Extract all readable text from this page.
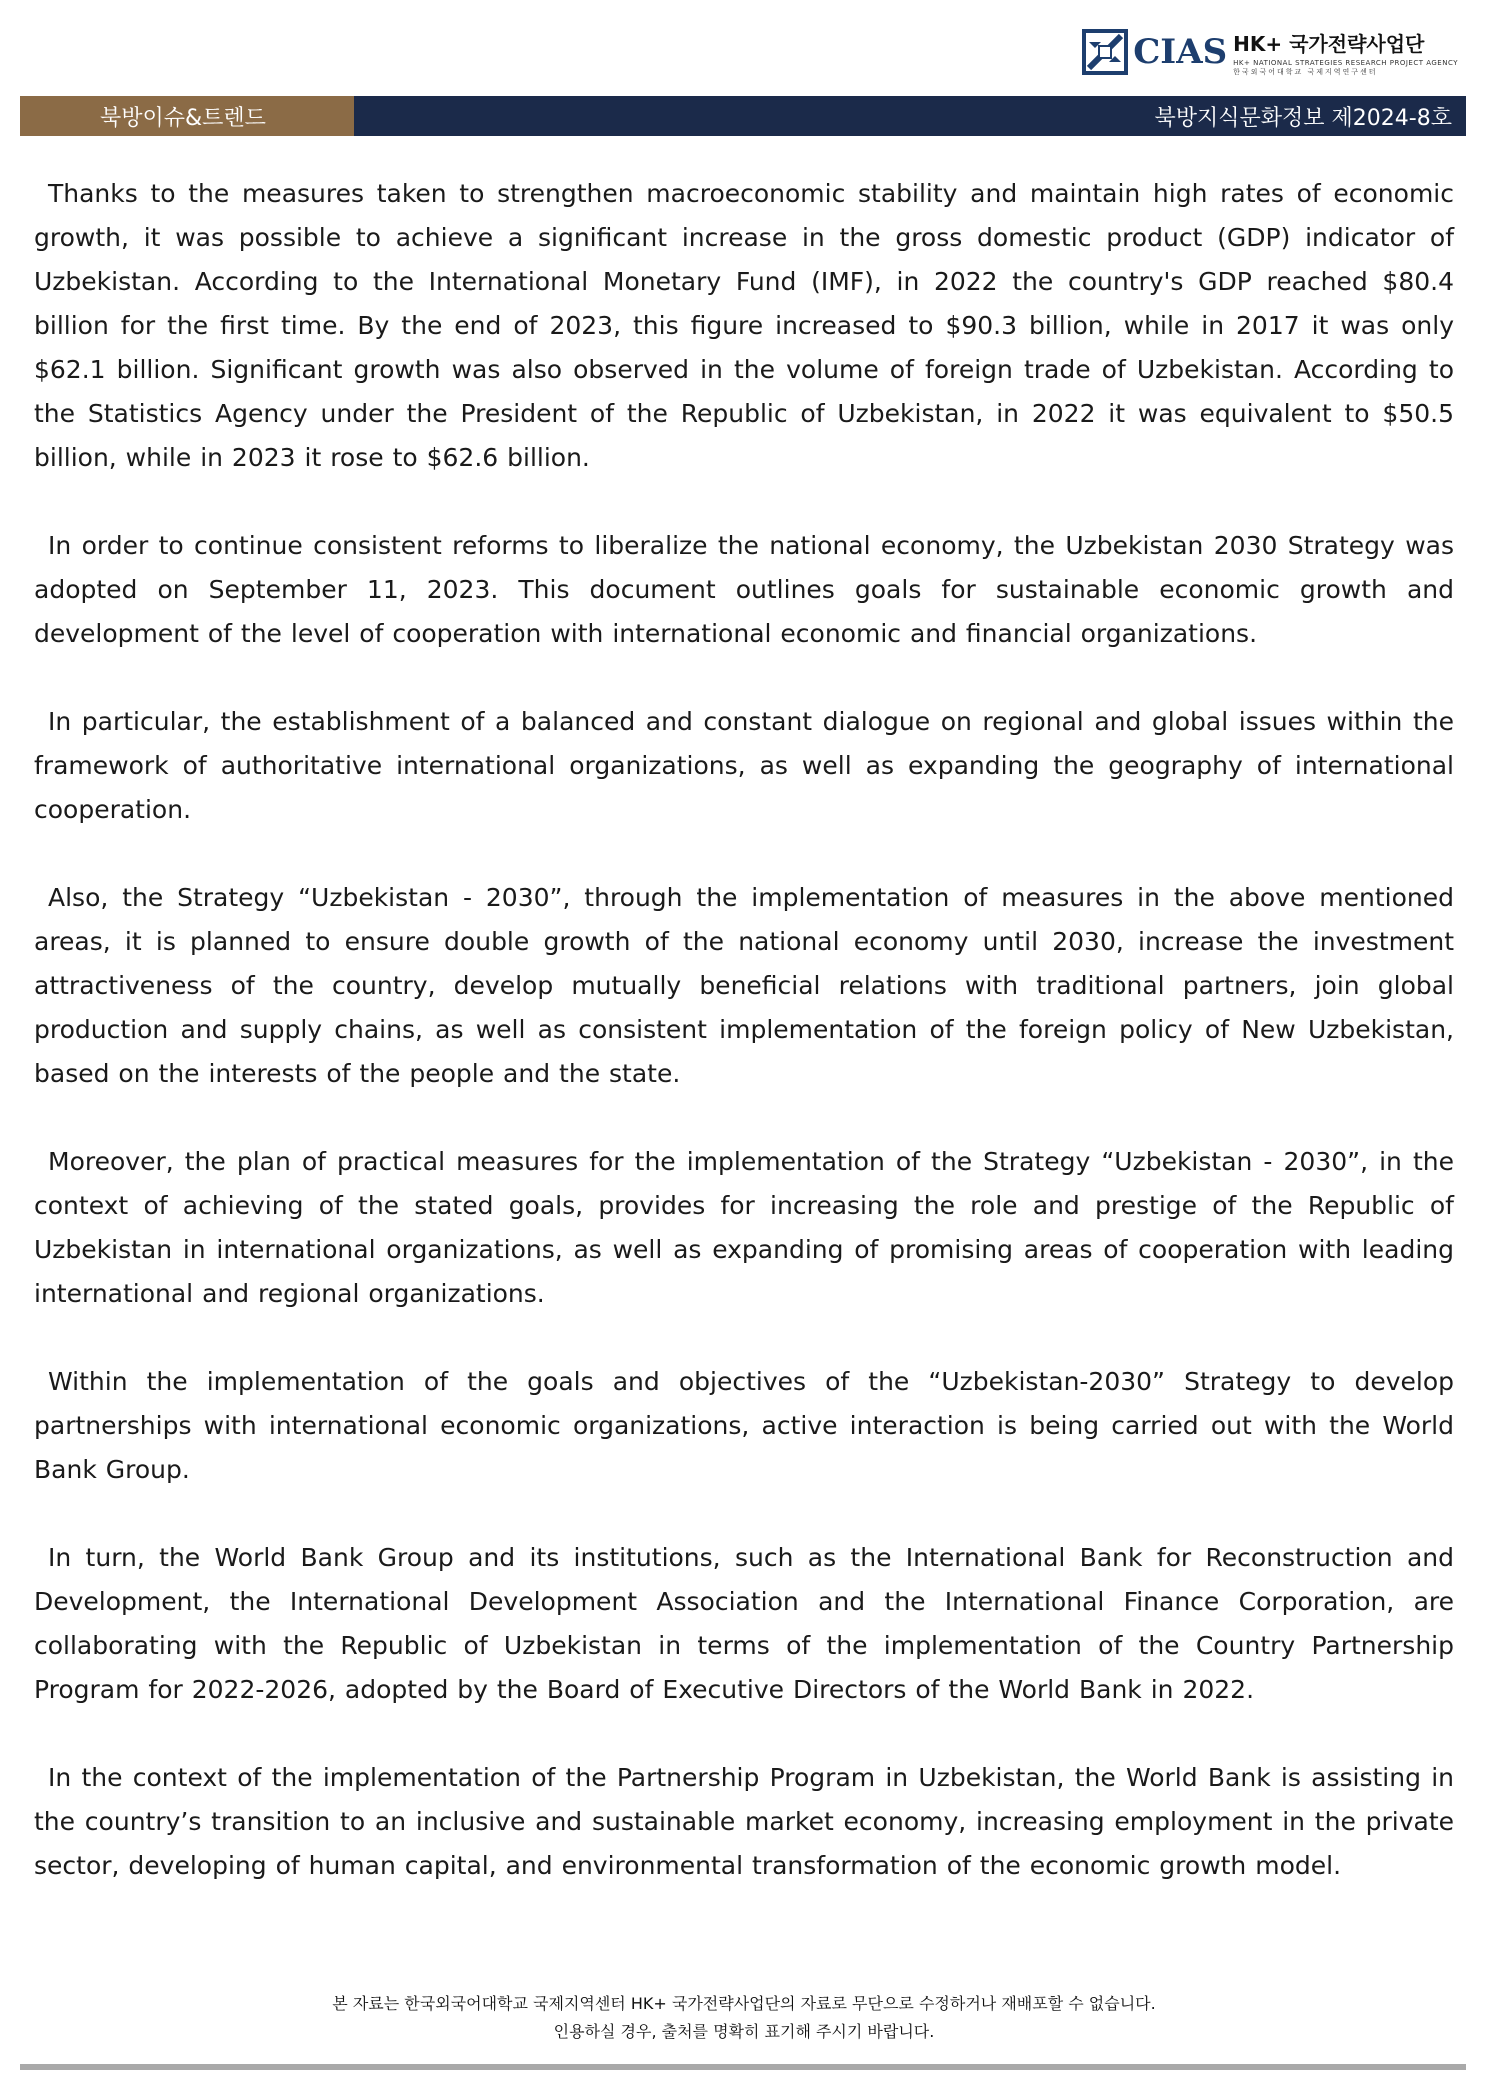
CIAS HK+ 국가전략사업단
HK+ NATIONAL STRATEGIES RESEARCH PROJECT AGENCY
한국외국어대학교 국제지역연구센터
북방이슈&트렌드	북방지식문화정보 제2024-8호

Thanks to the measures taken to strengthen macroeconomic stability and maintain high rates of economic growth, it was possible to achieve a significant increase in the gross domestic product (GDP) indicator of Uzbekistan. According to the International Monetary Fund (IMF), in 2022 the country's GDP reached $80.4 billion for the first time. By the end of 2023, this figure increased to $90.3 billion, while in 2017 it was only $62.1 billion. Significant growth was also observed in the volume of foreign trade of Uzbekistan. According to the Statistics Agency under the President of the Republic of Uzbekistan, in 2022 it was equivalent to $50.5 billion, while in 2023 it rose to $62.6 billion.

In order to continue consistent reforms to liberalize the national economy, the Uzbekistan 2030 Strategy was adopted on September 11, 2023. This document outlines goals for sustainable economic growth and development of the level of cooperation with international economic and financial organizations.

In particular, the establishment of a balanced and constant dialogue on regional and global issues within the framework of authoritative international organizations, as well as expanding the geography of international cooperation.

Also, the Strategy “Uzbekistan - 2030”, through the implementation of measures in the above mentioned areas, it is planned to ensure double growth of the national economy until 2030, increase the investment attractiveness of the country, develop mutually beneficial relations with traditional partners, join global production and supply chains, as well as consistent implementation of the foreign policy of New Uzbekistan, based on the interests of the people and the state.

Moreover, the plan of practical measures for the implementation of the Strategy “Uzbekistan - 2030”, in the context of achieving of the stated goals, provides for increasing the role and prestige of the Republic of Uzbekistan in international organizations, as well as expanding of promising areas of cooperation with leading international and regional organizations.

Within the implementation of the goals and objectives of the “Uzbekistan-2030” Strategy to develop partnerships with international economic organizations, active interaction is being carried out with the World Bank Group.

In turn, the World Bank Group and its institutions, such as the International Bank for Reconstruction and Development, the International Development Association and the International Finance Corporation, are collaborating with the Republic of Uzbekistan in terms of the implementation of the Country Partnership Program for 2022-2026, adopted by the Board of Executive Directors of the World Bank in 2022.

In the context of the implementation of the Partnership Program in Uzbekistan, the World Bank is assisting in the country’s transition to an inclusive and sustainable market economy, increasing employment in the private sector, developing of human capital, and environmental transformation of the economic growth model.

본 자료는 한국외국어대학교 국제지역센터 HK+ 국가전략사업단의 자료로 무단으로 수정하거나 재배포할 수 없습니다.
인용하실 경우, 출처를 명확히 표기해 주시기 바랍니다.
